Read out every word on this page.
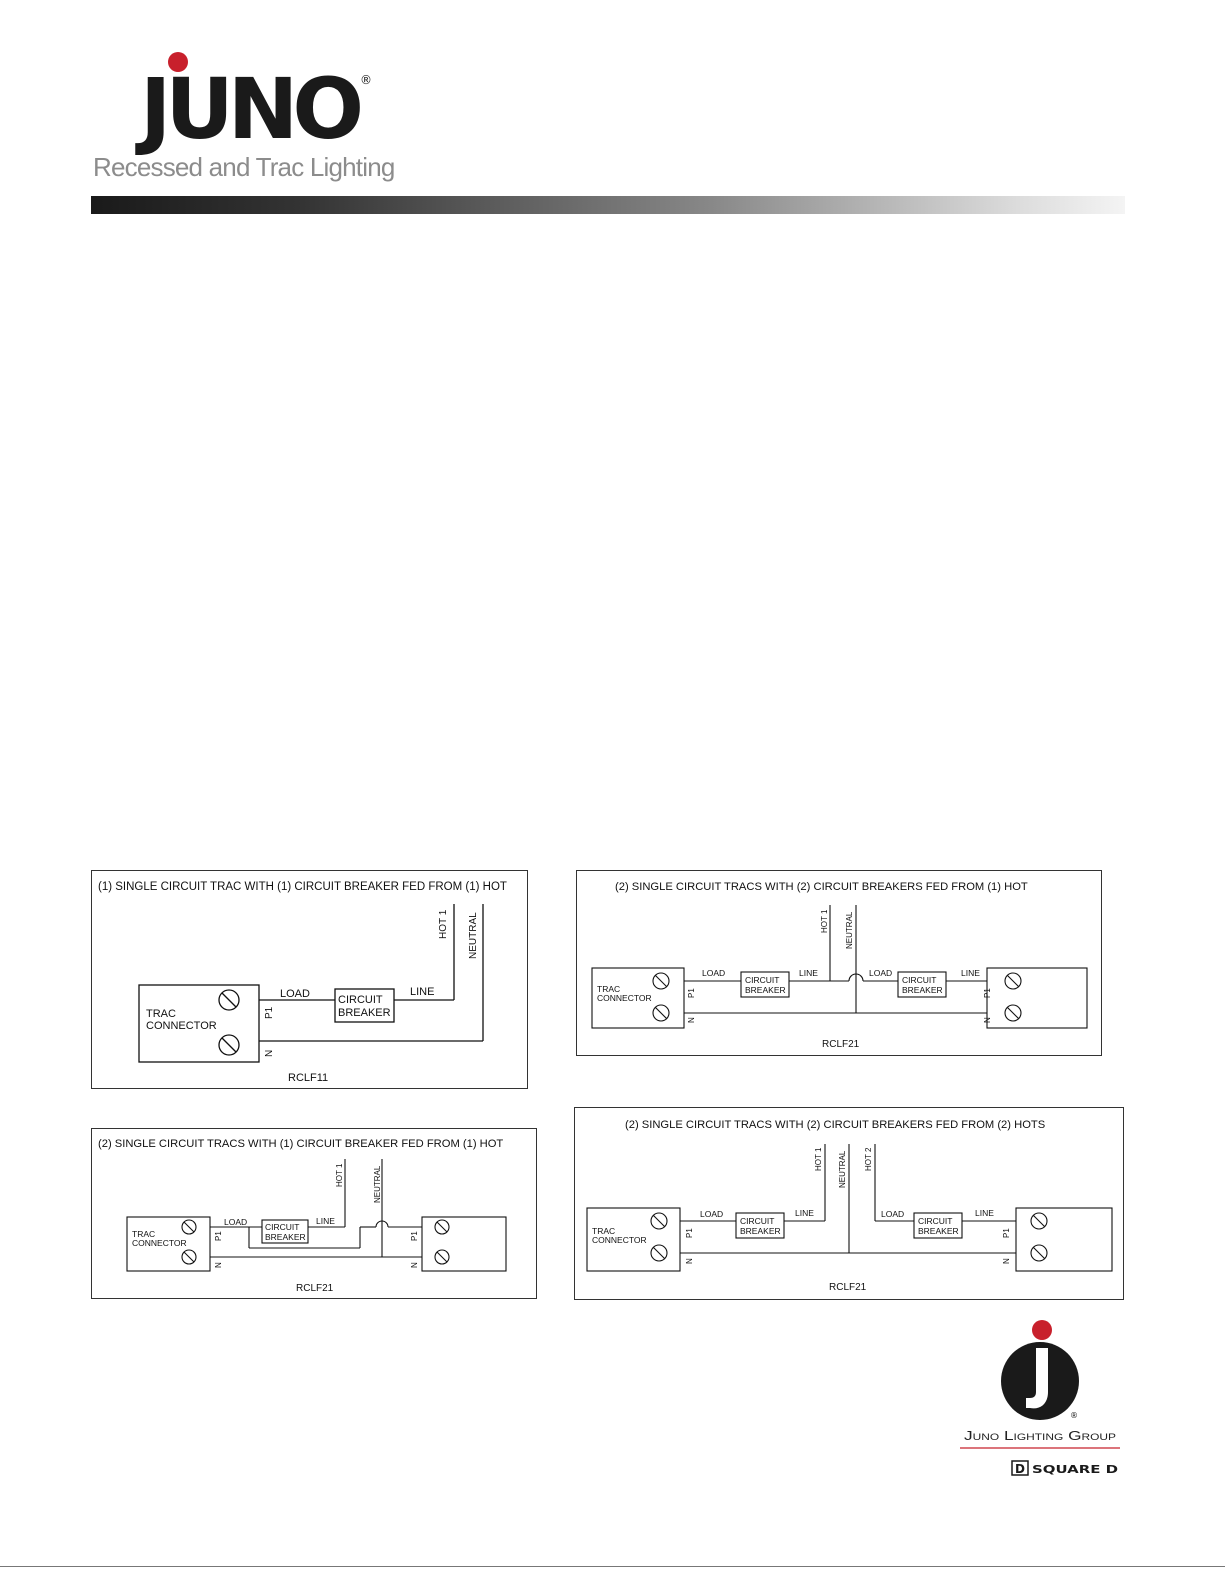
JUNO ®
Recessed and Trac Lighting
(1) SINGLE CIRCUIT TRAC WITH (1) CIRCUIT BREAKER FED FROM (1) HOT
TRAC
CONNECTOR
LOAD	LINE
CIRCUIT
BREAKER
P1
N
HOT 1 NEUTRAL
RCLF11
(2) SINGLE CIRCUIT TRACS WITH (1) CIRCUIT BREAKER FED FROM (1) HOT
TRAC
CONNECTOR
LOAD	LINE
CIRCUIT
BREAKER
P1
N
P1
N
HOT 1	NEUTRAL
RCLF21
(2) SINGLE CIRCUIT TRACS WITH (2) CIRCUIT BREAKERS FED FROM (1) HOT
TRAC
CONNECTOR
LOAD	LINE
CIRCUIT
BREAKER
LOAD	LINE
CIRCUIT
BREAKER
P1
N
P1
N
HOT 1 NEUTRAL
RCLF21
(2) SINGLE CIRCUIT TRACS WITH (2) CIRCUIT BREAKERS FED FROM (2) HOTS
TRAC
CONNECTOR
LOAD	LINE
CIRCUIT
BREAKER
LOAD	LINE
CIRCUIT
BREAKER
P1
N
P1
N
HOT 1 NEUTRAL HOT 2
RCLF21
®
Juno Lighting Group
D SQUARE D
